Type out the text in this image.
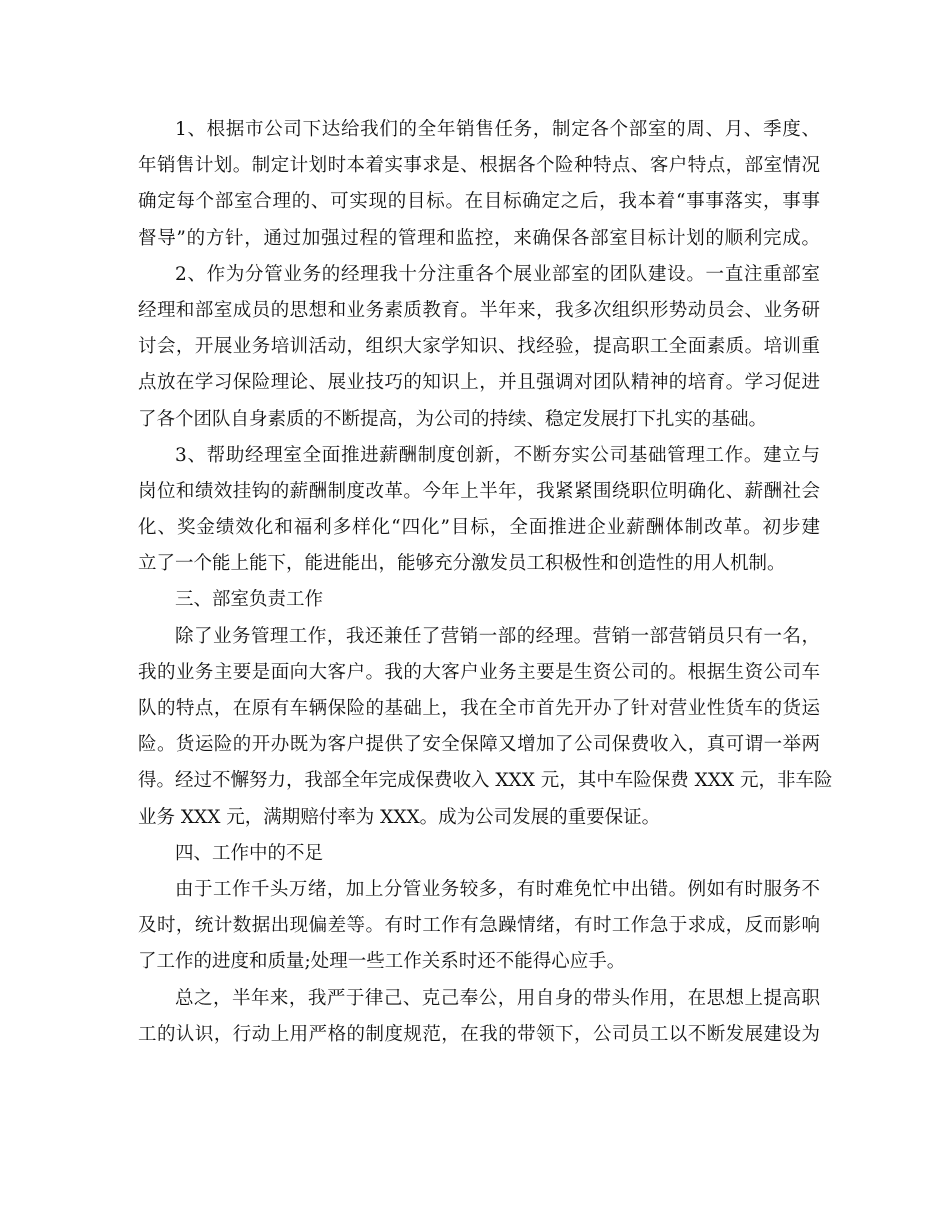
1、根据市公司下达给我们的全年销售任务，制定各个部室的周、月、季度、
年销售计划。制定计划时本着实事求是、根据各个险种特点、客户特点，部室情况
确定每个部室合理的、可实现的目标。在目标确定之后，我本着“事事落实，事事
督导”的方针，通过加强过程的管理和监控，来确保各部室目标计划的顺利完成。
2、作为分管业务的经理我十分注重各个展业部室的团队建设。一直注重部室
经理和部室成员的思想和业务素质教育。半年来，我多次组织形势动员会、业务研
讨会，开展业务培训活动，组织大家学知识、找经验，提高职工全面素质。培训重
点放在学习保险理论、展业技巧的知识上，并且强调对团队精神的培育。学习促进
了各个团队自身素质的不断提高，为公司的持续、稳定发展打下扎实的基础。
3、帮助经理室全面推进薪酬制度创新，不断夯实公司基础管理工作。建立与
岗位和绩效挂钩的薪酬制度改革。今年上半年，我紧紧围绕职位明确化、薪酬社会
化、奖金绩效化和福利多样化“四化”目标，全面推进企业薪酬体制改革。初步建
立了一个能上能下，能进能出，能够充分激发员工积极性和创造性的用人机制。
三、部室负责工作
除了业务管理工作，我还兼任了营销一部的经理。营销一部营销员只有一名，
我的业务主要是面向大客户。我的大客户业务主要是生资公司的。根据生资公司车
队的特点，在原有车辆保险的基础上，我在全市首先开办了针对营业性货车的货运
险。货运险的开办既为客户提供了安全保障又增加了公司保费收入，真可谓一举两
得。经过不懈努力，我部全年完成保费收入 XXX 元，其中车险保费 XXX 元，非车险
业务 XXX 元，满期赔付率为 XXX。成为公司发展的重要保证。
四、工作中的不足
由于工作千头万绪，加上分管业务较多，有时难免忙中出错。例如有时服务不
及时，统计数据出现偏差等。有时工作有急躁情绪，有时工作急于求成，反而影响
了工作的进度和质量;处理一些工作关系时还不能得心应手。
总之，半年来，我严于律己、克己奉公，用自身的带头作用，在思想上提高职
工的认识，行动上用严格的制度规范，在我的带领下，公司员工以不断发展建设为
